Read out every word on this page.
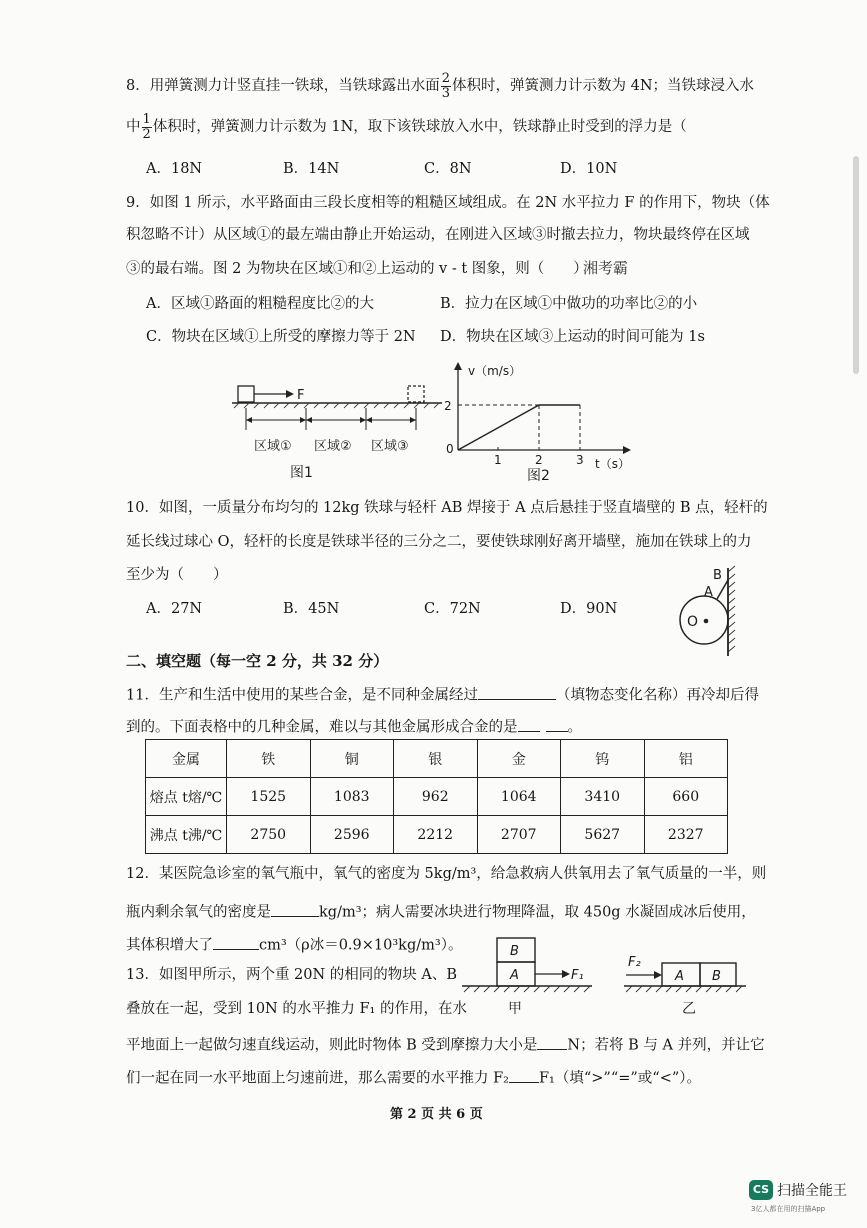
8．用弹簧测力计竖直挂一铁球，当铁球露出水面 $\frac{2}{3}$ 体积时，弹簧测力计示数为 4N；当铁球浸入水
中 $\frac{1}{2}$ 体积时，弹簧测力计示数为 1N，取下该铁球放入水中，铁球静止时受到的浮力是（
A．18N	B．14N	C．8N	D．10N
9．如图 1 所示，水平路面由三段长度相等的粗糙区域组成。在 2N 水平拉力 F 的作用下，物块（体
积忽略不计）从区域①的最左端由静止开始运动，在刚进入区域③时撤去拉力，物块最终停在区域
③的最右端。图 2 为物块在区域①和②上运动的 v - t 图象，则（　　）
湘考霸
A．区域①路面的粗糙程度比②的大	B．拉力在区域①中做功的功率比②的小
C．物块在区域①上所受的摩擦力等于 2N D．物块在区域③上运动的时间可能为 1s
F
区域① 区域② 区域③
图1
v（m/s）
2
0
1	2	3 t（s）
图2
10．如图，一质量分布均匀的 12kg 铁球与轻杆 AB 焊接于 A 点后悬挂于竖直墙壁的 B 点，轻杆的
延长线过球心 O，轻杆的长度是铁球半径的三分之二，要使铁球刚好离开墙壁，施加在铁球上的力
至少为（　　）
A．27N	B．45N	C．72N	D．90N
A
B
O
二、填空题（每一空 2 分，共 32 分）
11．生产和生活中使用的某些合金，是不同种金属经过	（填物态变化名称）再冷却后得
到的。下面表格中的几种金属，难以与其他金属形成合金的是	。
金属	铁	铜	银	金	钨	铝
熔点 t熔/℃	1525	1083	962	1064	3410	660
沸点 t沸/℃	2750	2596	2212	2707	5627	2327
12．某医院急诊室的氧气瓶中，氧气的密度为 5kg/m³，给急救病人供氧用去了氧气质量的一半，则
瓶内剩余氧气的密度是	kg/m³；病人需要冰块进行物理降温，取 450g 水凝固成冰后使用，
其体积增大了	cm³（ρ冰＝0.9×10³kg/m³）。
13．如图甲所示，两个重 20N 的相同的物块 A、B
叠放在一起，受到 10N 的水平推力 F₁ 的作用，在水
平地面上一起做匀速直线运动，则此时物体 B 受到摩擦力大小是 N；若将 B 与 A 并列，并让它
们一起在同一水平地面上匀速前进，那么需要的水平推力 F₂ F₁（填“>”“=”或“<”）。
B
A	F₁
甲
F₂
A B
乙
第 2 页 共 6 页
CS 扫描全能王
3亿人都在用的扫描App
